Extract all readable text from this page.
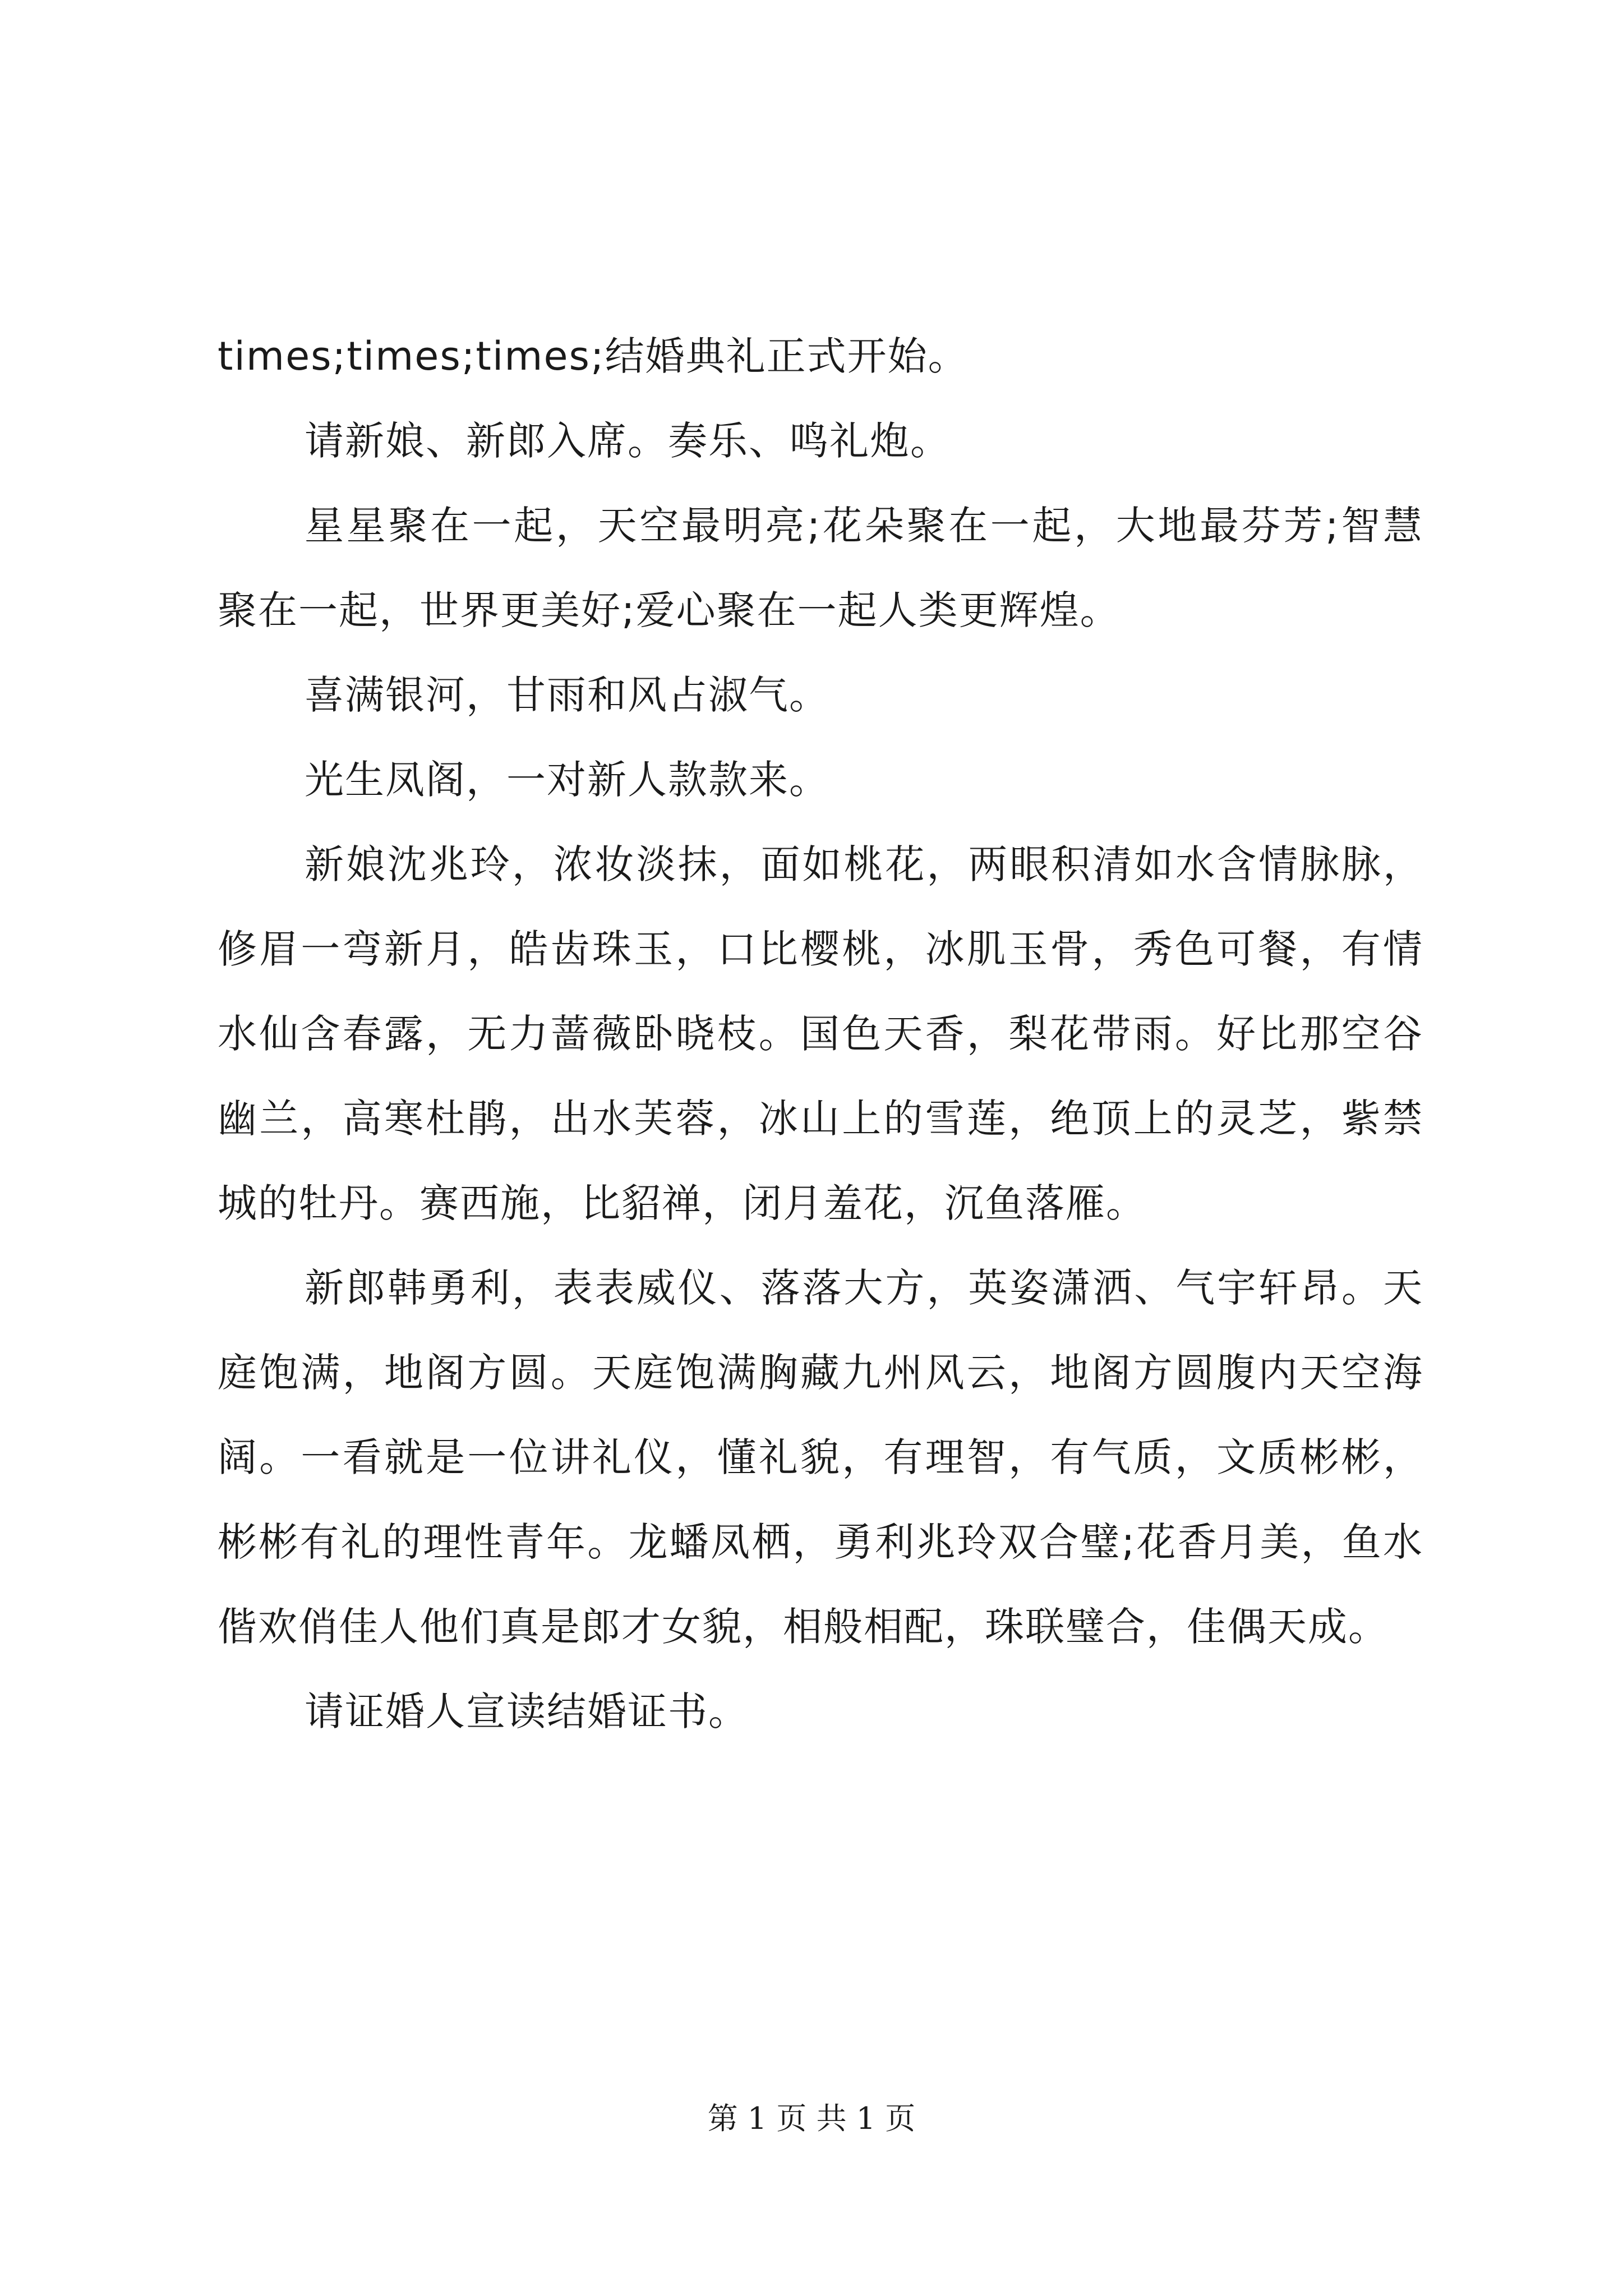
times;times;times;结婚典礼正式开始。

请新娘、新郎入席。奏乐、鸣礼炮。

星星聚在一起，天空最明亮;花朵聚在一起，大地最芬芳;智慧聚在一起，世界更美好;爱心聚在一起人类更辉煌。

喜满银河，甘雨和风占淑气。

光生凤阁，一对新人款款来。

新娘沈兆玲，浓妆淡抹，面如桃花，两眼积清如水含情脉脉，修眉一弯新月，皓齿珠玉，口比樱桃，冰肌玉骨，秀色可餐，有情水仙含春露，无力蔷薇卧晓枝。国色天香，梨花带雨。好比那空谷幽兰，高寒杜鹃，出水芙蓉，冰山上的雪莲，绝顶上的灵芝，紫禁城的牡丹。赛西施，比貂禅，闭月羞花，沉鱼落雁。

新郎韩勇利，表表威仪、落落大方，英姿潇洒、气宇轩昂。天庭饱满，地阁方圆。天庭饱满胸藏九州风云，地阁方圆腹内天空海阔。一看就是一位讲礼仪，懂礼貌，有理智，有气质，文质彬彬，彬彬有礼的理性青年。龙蟠凤栖，勇利兆玲双合璧;花香月美，鱼水偕欢俏佳人他们真是郎才女貌，相般相配，珠联璧合，佳偶天成。

请证婚人宣读结婚证书。

第 1 页 共 1 页
